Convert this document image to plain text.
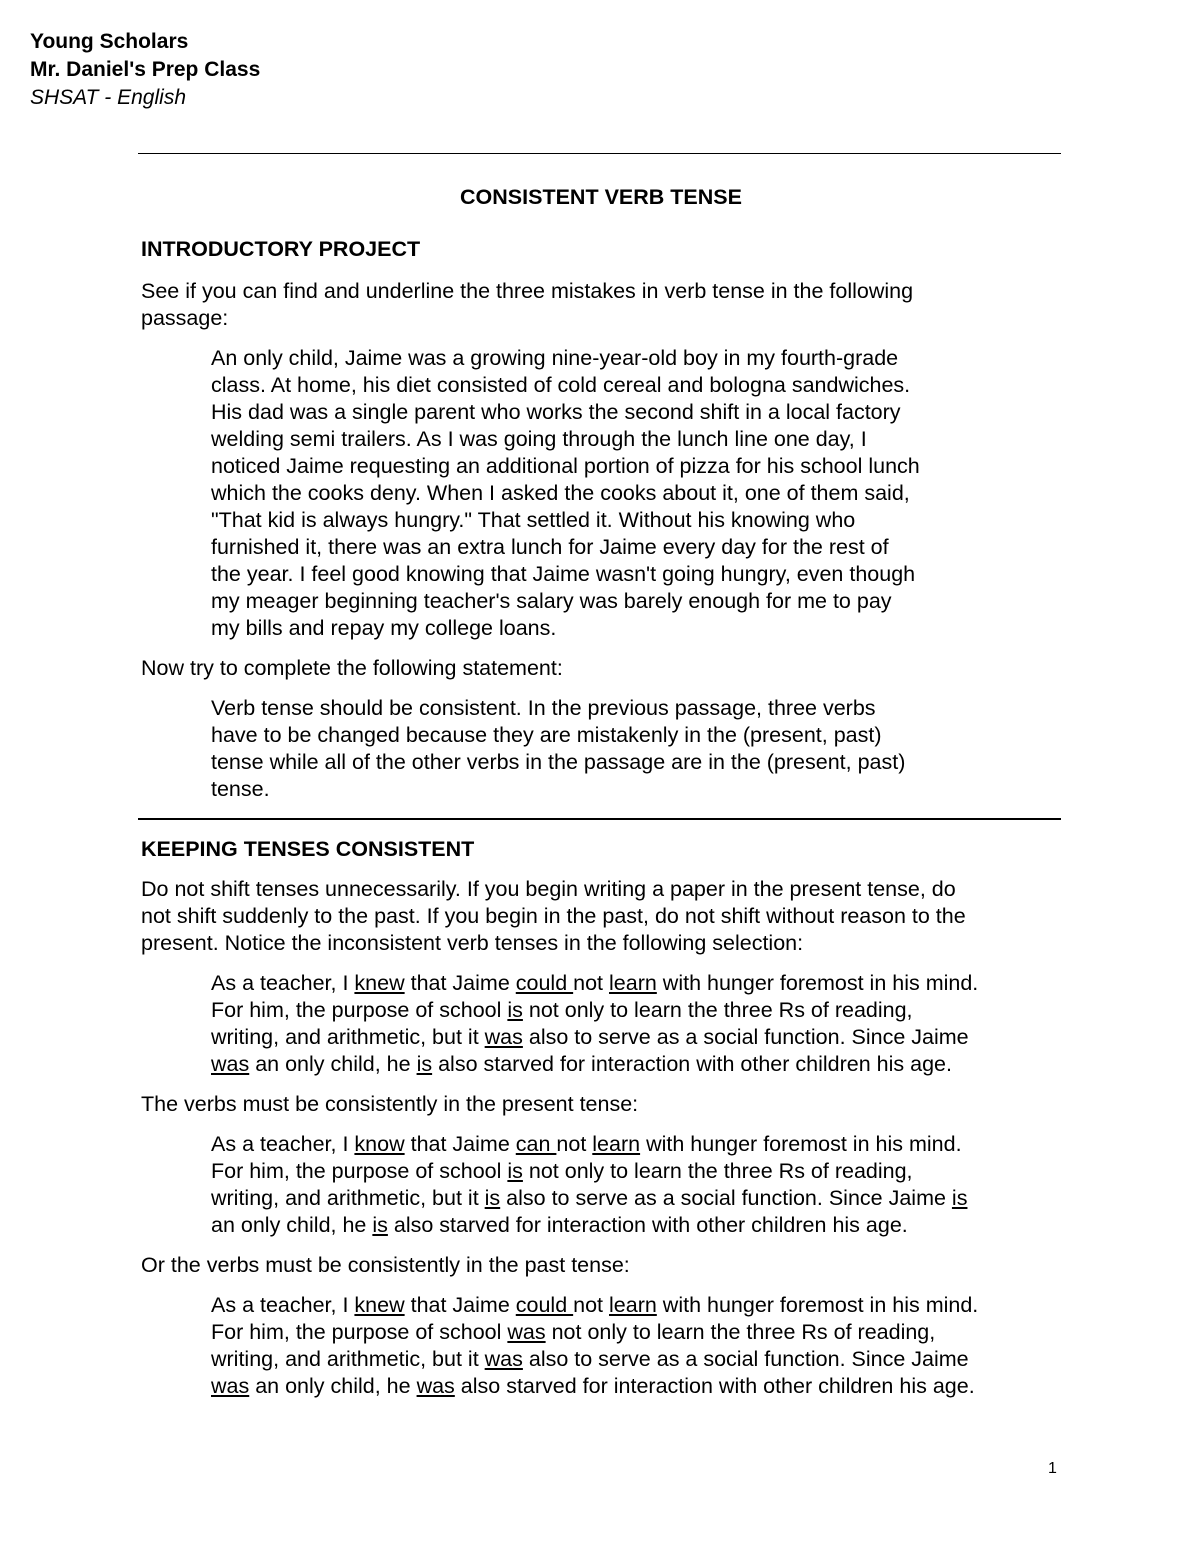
Young Scholars
Mr. Daniel's Prep Class
SHSAT - English

CONSISTENT VERB TENSE

INTRODUCTORY PROJECT

See if you can find and underline the three mistakes in verb tense in the following
passage:

An only child, Jaime was a growing nine-year-old boy in my fourth-grade
class. At home, his diet consisted of cold cereal and bologna sandwiches.
His dad was a single parent who works the second shift in a local factory
welding semi trailers. As I was going through the lunch line one day, I
noticed Jaime requesting an additional portion of pizza for his school lunch
which the cooks deny. When I asked the cooks about it, one of them said,
"That kid is always hungry." That settled it. Without his knowing who
furnished it, there was an extra lunch for Jaime every day for the rest of
the year. I feel good knowing that Jaime wasn't going hungry, even though
my meager beginning teacher's salary was barely enough for me to pay
my bills and repay my college loans.

Now try to complete the following statement:

Verb tense should be consistent. In the previous passage, three verbs
have to be changed because they are mistakenly in the (present, past)
tense while all of the other verbs in the passage are in the (present, past)
tense.

KEEPING TENSES CONSISTENT

Do not shift tenses unnecessarily. If you begin writing a paper in the present tense, do
not shift suddenly to the past. If you begin in the past, do not shift without reason to the
present. Notice the inconsistent verb tenses in the following selection:

As a teacher, I knew that Jaime could not learn with hunger foremost in his mind.
For him, the purpose of school is not only to learn the three Rs of reading,
writing, and arithmetic, but it was also to serve as a social function. Since Jaime
was an only child, he is also starved for interaction with other children his age.

The verbs must be consistently in the present tense:

As a teacher, I know that Jaime can not learn with hunger foremost in his mind.
For him, the purpose of school is not only to learn the three Rs of reading,
writing, and arithmetic, but it is also to serve as a social function. Since Jaime is
an only child, he is also starved for interaction with other children his age.

Or the verbs must be consistently in the past tense:

As a teacher, I knew that Jaime could not learn with hunger foremost in his mind.
For him, the purpose of school was not only to learn the three Rs of reading,
writing, and arithmetic, but it was also to serve as a social function. Since Jaime
was an only child, he was also starved for interaction with other children his age.

1
